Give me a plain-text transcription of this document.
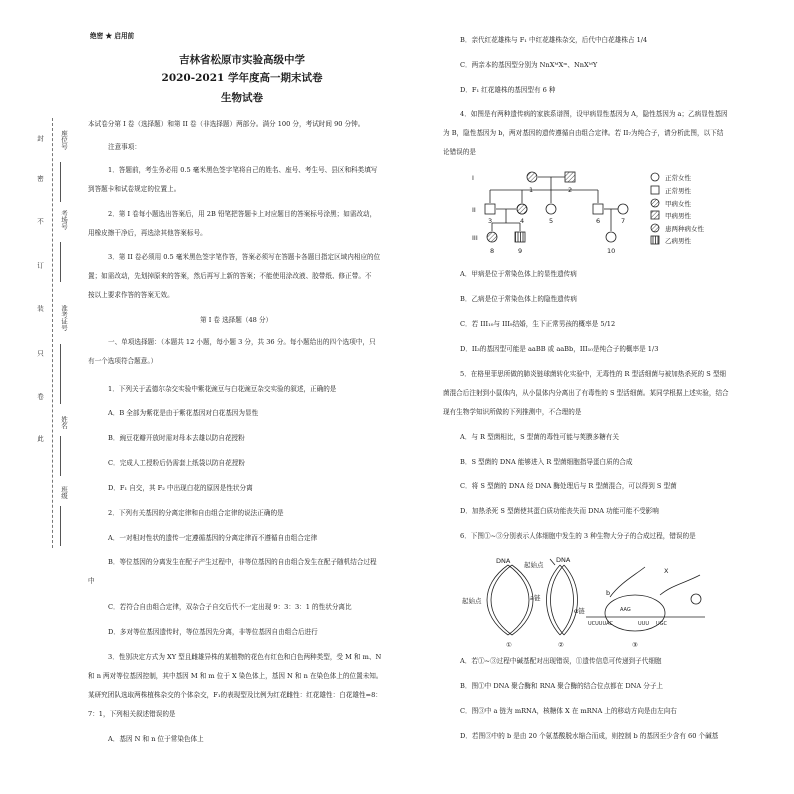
绝密 ★ 启用前
吉林省松原市实验高级中学
2020-2021 学年度高一期末试卷
生物试卷
封
密
不
订
装
只
卷
此
座位号
考场号
准考证号
姓名
班级
本试卷分第 I 卷（选择题）和第 II 卷（非选择题）两部分。满分 100 分，考试时间 90 分钟。
注意事项：
1．答题前，考生务必用 0.5 毫米黑色签字笔将自己的姓名、座号、考生号、县区和科类填写
到答题卡和试卷规定的位置上。
2．第 I 卷每小题选出答案后，用 2B 铅笔把答题卡上对应题目的答案标号涂黑；如需改动，
用橡皮擦干净后，再选涂其他答案标号。
3．第 II 卷必须用 0.5 毫米黑色签字笔作答，答案必须写在答题卡各题目指定区域内相应的位
置；如需改动，先划掉原来的答案，然后再写上新的答案；不能使用涂改液、胶带纸、修正带。不
按以上要求作答的答案无效。
第 I 卷 选择题（48 分）
一、单项选择题：（本题共 12 小题，每小题 3 分，共 36 分。每小题给出的四个选项中，只
有一个选项符合题意。）
1．下列关于孟德尔杂交实验中紫花豌豆与白花豌豆杂交实验的叙述，正确的是
A．B 全部为紫花是由于紫花基因对白花基因为显性
B．豌豆花瓣开放时需对母本去雄以防自花授粉
C．完成人工授粉后仍需套上纸袋以防自花授粉
D．F₁ 自交，其 F₂ 中出现白花的原因是性状分离
2．下列有关基因的分离定律和自由组合定律的说法正确的是
A．一对相对性状的遗传一定遵循基因的分离定律而不遵循自由组合定律
B．等位基因的分离发生在配子产生过程中，非等位基因的自由组合发生在配子随机结合过程
中
C．若符合自由组合定律，双杂合子自交后代不一定出现 9：3：3：1 的性状分离比
D．多对等位基因遗传时，等位基因先分离，非等位基因自由组合后进行
3．性别决定方式为 XY 型且雌雄异株的某植物的花色有红色和白色两种类型，受 M 和 m、N
和 n 两对等位基因控制，其中基因 M 和 m 位于 X 染色体上，基因 N 和 n 在染色体上的位置未知。
某研究团队选取两株植株杂交的个体杂交，F₁的表现型及比例为红花雌性：红花雄性：白花雄性=8：
7：1，下列相关叙述错误的是
A．基因 N 和 n 位于常染色体上
B．亲代红花雄株与 F₁ 中红花雄株杂交，后代中白花雄株占 1/4
C．两亲本的基因型分别为 NnXᴹXᵐ、NnXᴹY
D．F₁ 红花雄株的基因型有 6 种
4．如图是有两种遗传病的家族系谱图，设甲病显性基因为 A，隐性基因为 a；乙病显性基因
为 B，隐性基因为 b，两对基因的遗传遵循自由组合定律。若 II₇为纯合子，请分析此图，以下结
论错误的是
I
II
III
1	2
3	4	5	6	7
8	9	10
正常女性
正常男性
甲病女性
甲病男性
患两种病女性
乙病男性
A．甲病是位于常染色体上的显性遗传病
B．乙病是位于常染色体上的隐性遗传病
C．若 III₁₀与 III₉结婚，生下正常男孩的概率是 5/12
D．II₃的基因型可能是 aaBB 或 aaBb，III₁₀是纯合子的概率是 1/3
5．在格里菲思所做的肺炎链球菌转化实验中，无毒性的 R 型活细菌与被加热杀死的 S 型细
菌混合后注射到小鼠体内，从小鼠体内分离出了有毒性的 S 型活细菌。某同学根据上述实验，结合
现有生物学知识所做的下列推测中，不合理的是
A．与 R 型菌相比，S 型菌的毒性可能与荚膜多糖有关
B．S 型菌的 DNA 能够进入 R 型菌细胞指导蛋白质的合成
C．将 S 型菌的 DNA 经 DNA 酶处理后与 R 型菌混合，可以得到 S 型菌
D．加热杀死 S 型菌使其蛋白质功能丧失而 DNA 功能可能不受影响
6．下图①~③分别表示人体细胞中发生的 3 种生物大分子的合成过程，错误的是
DNA	DNA
起始点
起始点	a链
α链
b
X
①	②	③
UCUUUAC
AAG
UUU UGC
A．若①~③过程中碱基配对出现错误，①遗传信息可传递到子代细胞
B．图①中 DNA 聚合酶和 RNA 聚合酶的结合位点都在 DNA 分子上
C．图③中 a 链为 mRNA，核糖体 X 在 mRNA 上的移动方向是由左向右
D．若图③中的 b 是由 20 个氨基酸脱水缩合而成，则控制 b 的基因至少含有 60 个碱基
